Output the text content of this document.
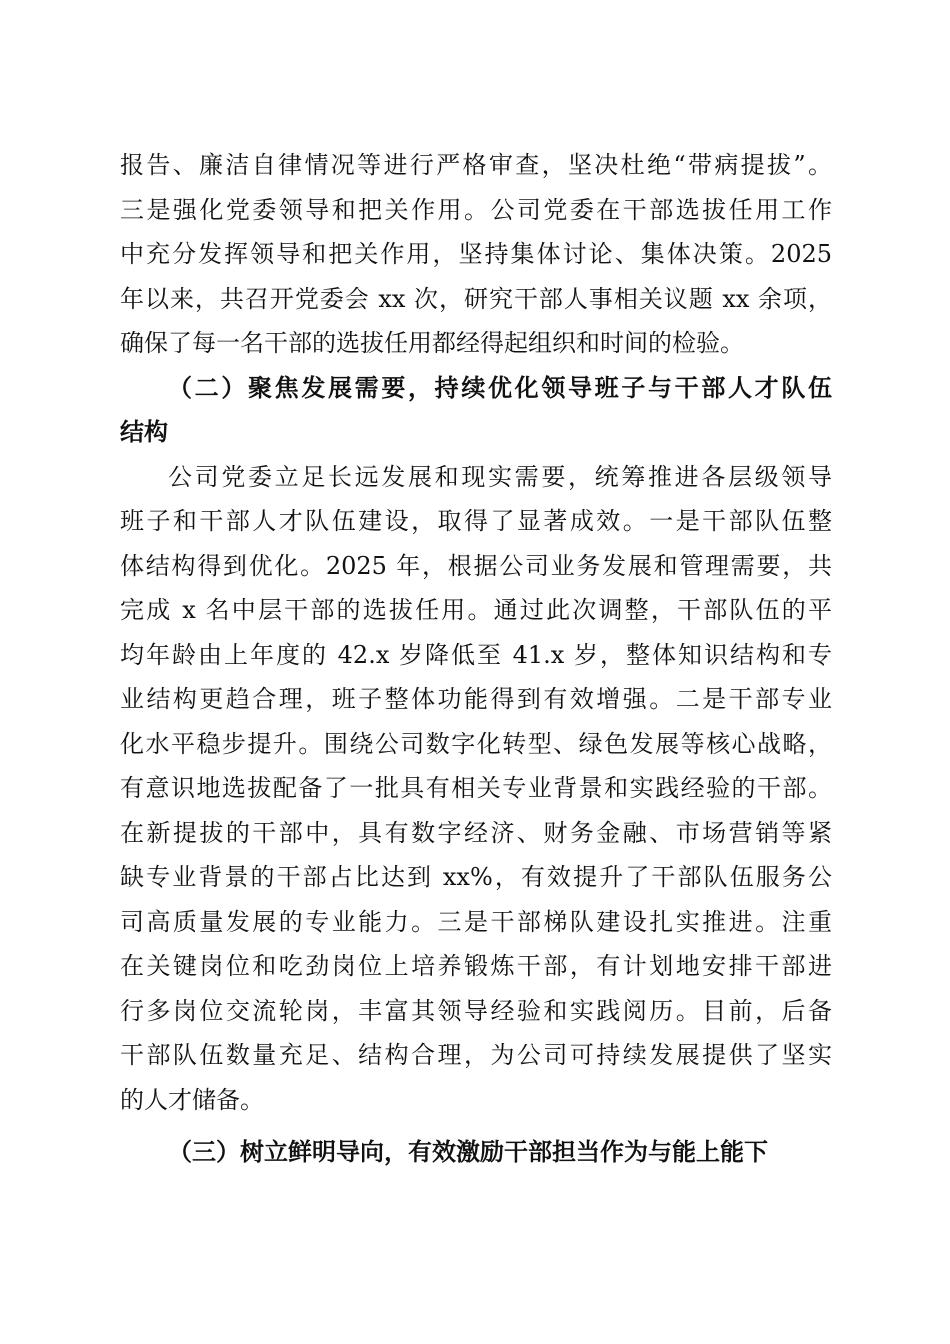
报告、廉洁自律情况等进行严格审查，坚决杜绝“带病提拔”。
三是强化党委领导和把关作用。公司党委在干部选拔任用工作
中充分发挥领导和把关作用，坚持集体讨论、集体决策。2025
年以来，共召开党委会 xx 次，研究干部人事相关议题 xx 余项，
确保了每一名干部的选拔任用都经得起组织和时间的检验。
（二）聚焦发展需要，持续优化领导班子与干部人才队伍
结构
公司党委立足长远发展和现实需要，统筹推进各层级领导
班子和干部人才队伍建设，取得了显著成效。一是干部队伍整
体结构得到优化。2025 年，根据公司业务发展和管理需要，共
完成 x 名中层干部的选拔任用。通过此次调整，干部队伍的平
均年龄由上年度的 42.x 岁降低至 41.x 岁，整体知识结构和专
业结构更趋合理，班子整体功能得到有效增强。二是干部专业
化水平稳步提升。围绕公司数字化转型、绿色发展等核心战略，
有意识地选拔配备了一批具有相关专业背景和实践经验的干部。
在新提拔的干部中，具有数字经济、财务金融、市场营销等紧
缺专业背景的干部占比达到 xx%，有效提升了干部队伍服务公
司高质量发展的专业能力。三是干部梯队建设扎实推进。注重
在关键岗位和吃劲岗位上培养锻炼干部，有计划地安排干部进
行多岗位交流轮岗，丰富其领导经验和实践阅历。目前，后备
干部队伍数量充足、结构合理，为公司可持续发展提供了坚实
的人才储备。
（三）树立鲜明导向，有效激励干部担当作为与能上能下
